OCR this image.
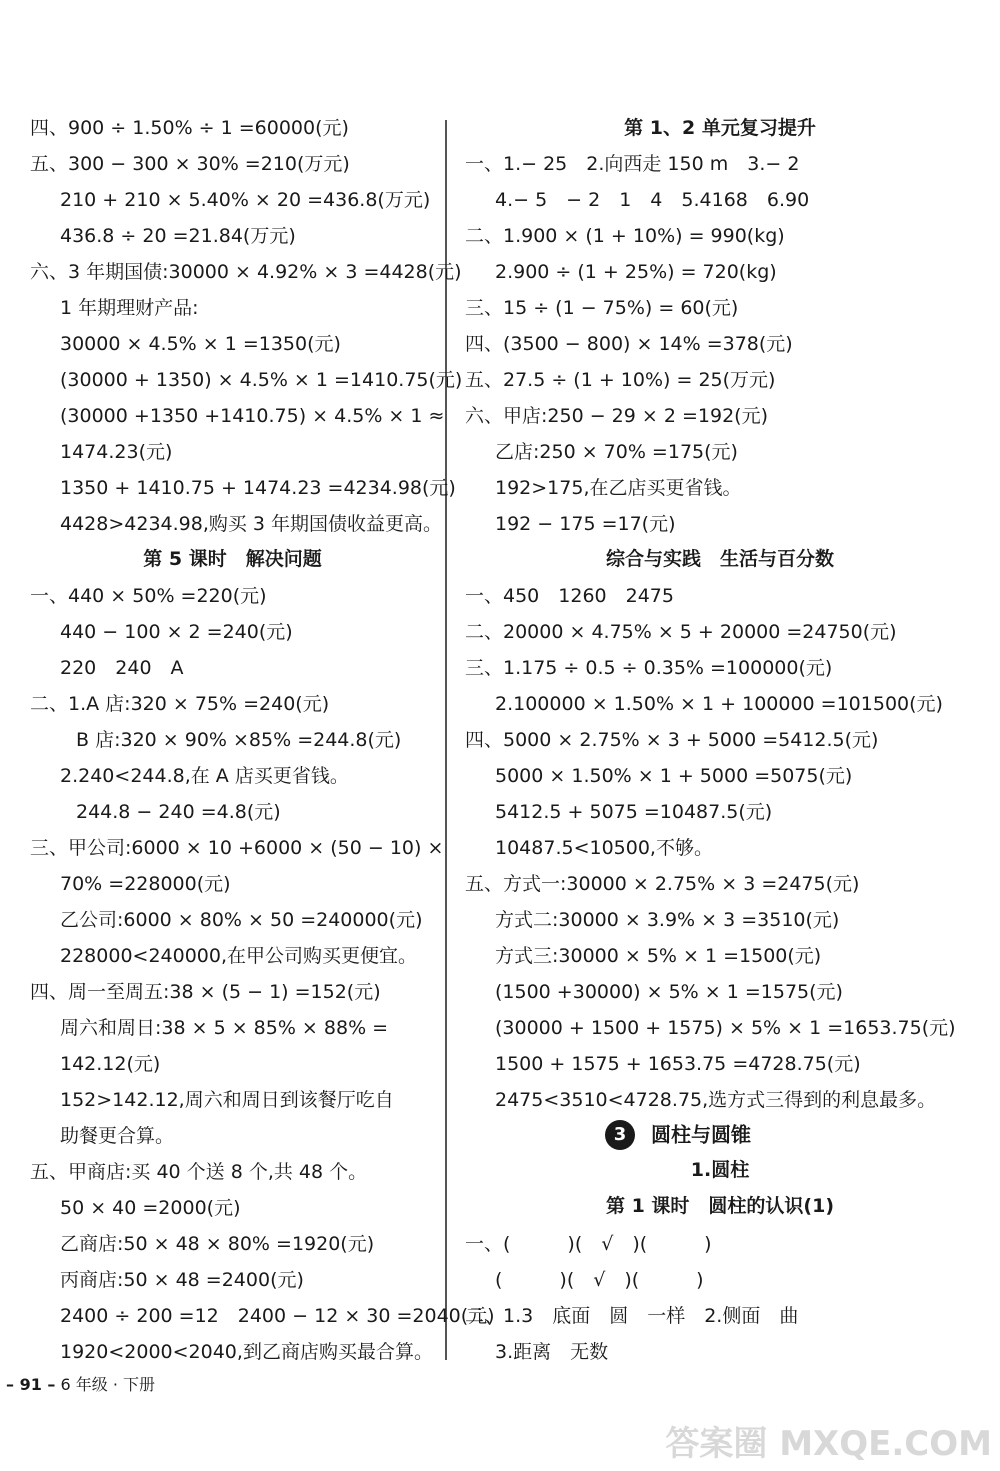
四、900 ÷ 1.50% ÷ 1 =60000(元)
五、300 − 300 × 30% =210(万元)
210 + 210 × 5.40% × 20 =436.8(万元)
436.8 ÷ 20 =21.84(万元)
六、3 年期国债:30000 × 4.92% × 3 =4428(元)
1 年期理财产品:
30000 × 4.5% × 1 =1350(元)
(30000 + 1350) × 4.5% × 1 =1410.75(元)
(30000 +1350 +1410.75) × 4.5% × 1 ≈
1474.23(元)
1350 + 1410.75 + 1474.23 =4234.98(元)
4428>4234.98,购买 3 年期国债收益更高。
第 5 课时　解决问题
一、440 × 50% =220(元)
440 − 100 × 2 =240(元)
220　240　A
二、1.A 店:320 × 75% =240(元)
B 店:320 × 90% ×85% =244.8(元)
2.240<244.8,在 A 店买更省钱。
244.8 − 240 =4.8(元)
三、甲公司:6000 × 10 +6000 × (50 − 10) ×
70% =228000(元)
乙公司:6000 × 80% × 50 =240000(元)
228000<240000,在甲公司购买更便宜。
四、周一至周五:38 × (5 − 1) =152(元)
周六和周日:38 × 5 × 85% × 88% =
142.12(元)
152>142.12,周六和周日到该餐厅吃自
助餐更合算。
五、甲商店:买 40 个送 8 个,共 48 个。
50 × 40 =2000(元)
乙商店:50 × 48 × 80% =1920(元)
丙商店:50 × 48 =2400(元)
2400 ÷ 200 =12　2400 − 12 × 30 =2040(元)
1920<2000<2040,到乙商店购买最合算。
第 1、2 单元复习提升
一、1.− 25　2.向西走 150 m　3.− 2
4.− 5　− 2　1　4　5.4168　6.90
二、1.900 × (1 + 10%) = 990(kg)
2.900 ÷ (1 + 25%) = 720(kg)
三、15 ÷ (1 − 75%) = 60(元)
四、(3500 − 800) × 14% =378(元)
五、27.5 ÷ (1 + 10%) = 25(万元)
六、甲店:250 − 29 × 2 =192(元)
乙店:250 × 70% =175(元)
192>175,在乙店买更省钱。
192 − 175 =17(元)
综合与实践　生活与百分数
一、450　1260　2475
二、20000 × 4.75% × 5 + 20000 =24750(元)
三、1.175 ÷ 0.5 ÷ 0.35% =100000(元)
2.100000 × 1.50% × 1 + 100000 =101500(元)
四、5000 × 2.75% × 3 + 5000 =5412.5(元)
5000 × 1.50% × 1 + 5000 =5075(元)
5412.5 + 5075 =10487.5(元)
10487.5<10500,不够。
五、方式一:30000 × 2.75% × 3 =2475(元)
方式二:30000 × 3.9% × 3 =3510(元)
方式三:30000 × 5% × 1 =1500(元)
(1500 +30000) × 5% × 1 =1575(元)
(30000 + 1500 + 1575) × 5% × 1 =1653.75(元)
1500 + 1575 + 1653.75 =4728.75(元)
2475<3510<4728.75,选方式三得到的利息最多。
3 圆柱与圆锥
1.圆柱
第 1 课时　圆柱的认识(1)
一、(　　　)(　√　)(　　　)
(　　　)(　√　)(　　　)
二、1.3　底面　圆　一样　2.侧面　曲
3.距离　无数
– 91 – 6 年级 · 下册
答案圈 MXQE.COM
